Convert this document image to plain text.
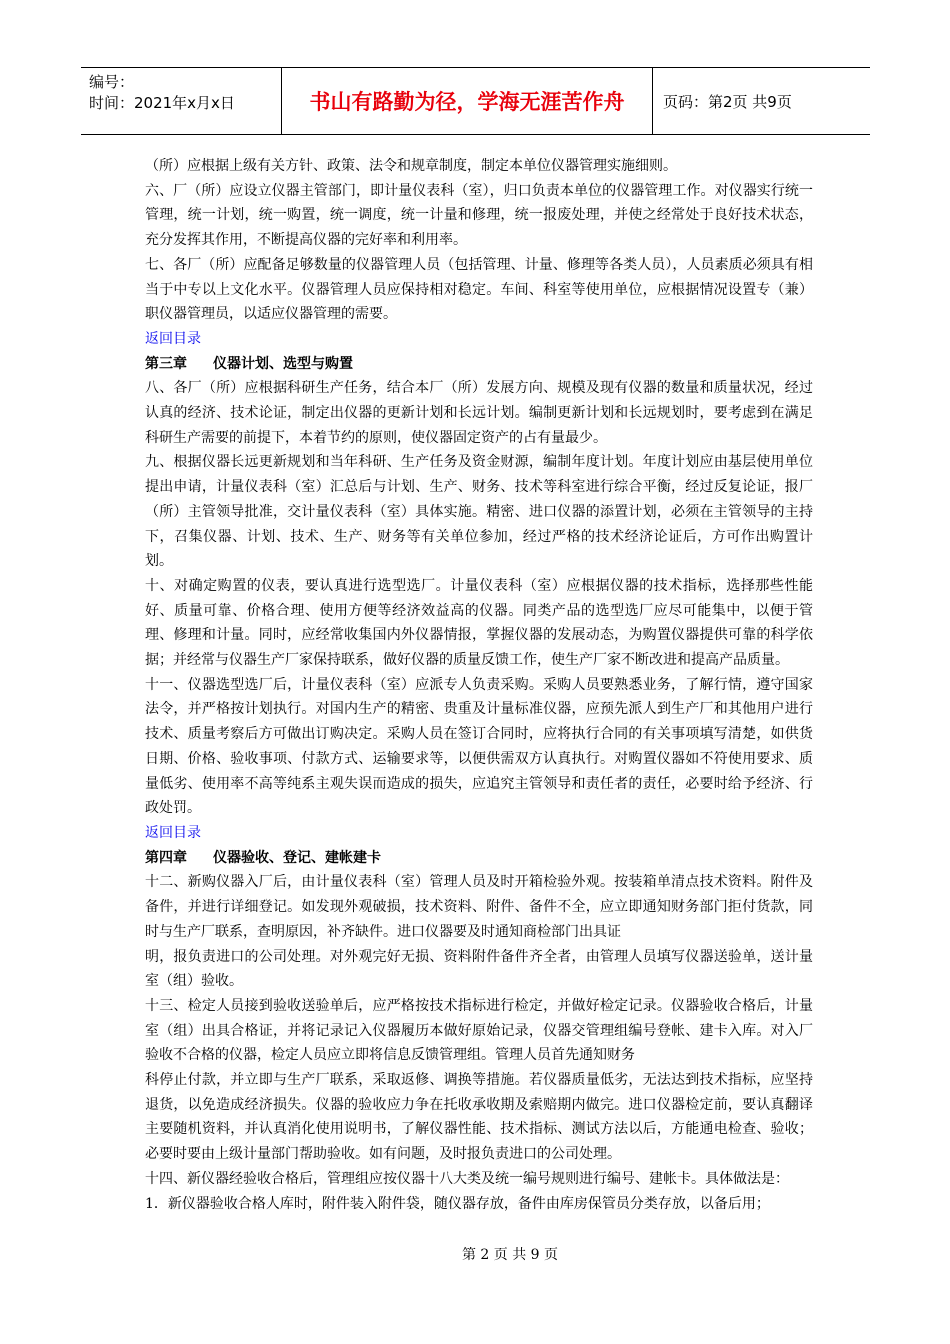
编号：
时间：2021年x月x日	书山有路勤为径，学海无涯苦作舟	页码：第2页 共9页

（所）应根据上级有关方针、政策、法令和规章制度，制定本单位仪器管理实施细则。

六、厂（所）应设立仪器主管部门，即计量仪表科（室），归口负责本单位的仪器管理工作。对仪器实行统一管理，统一计划，统一购置，统一调度，统一计量和修理，统一报废处理，并使之经常处于良好技术状态，充分发挥其作用，不断提高仪器的完好率和利用率。

七、各厂（所）应配备足够数量的仪器管理人员（包括管理、计量、修理等各类人员），人员素质必须具有相当于中专以上文化水平。仪器管理人员应保持相对稳定。车间、科室等使用单位，应根据情况设置专（兼）职仪器管理员，以适应仪器管理的需要。

返回目录

第三章 仪器计划、选型与购置

八、各厂（所）应根据科研生产任务，结合本厂（所）发展方向、规模及现有仪器的数量和质量状况，经过认真的经济、技术论证，制定出仪器的更新计划和长远计划。编制更新计划和长远规划时，要考虑到在满足科研生产需要的前提下，本着节约的原则，使仪器固定资产的占有量最少。

九、根据仪器长远更新规划和当年科研、生产任务及资金财源，编制年度计划。年度计划应由基层使用单位提出申请，计量仪表科（室）汇总后与计划、生产、财务、技术等科室进行综合平衡，经过反复论证，报厂（所）主管领导批准，交计量仪表科（室）具体实施。精密、进口仪器的添置计划，必须在主管领导的主持下，召集仪器、计划、技术、生产、财务等有关单位参加，经过严格的技术经济论证后，方可作出购置计划。

十、对确定购置的仪表，要认真进行选型选厂。计量仪表科（室）应根据仪器的技术指标，选择那些性能好、质量可靠、价格合理、使用方便等经济效益高的仪器。同类产品的选型选厂应尽可能集中，以便于管理、修理和计量。同时，应经常收集国内外仪器情报，掌握仪器的发展动态，为购置仪器提供可靠的科学依据；并经常与仪器生产厂家保持联系，做好仪器的质量反馈工作，使生产厂家不断改进和提高产品质量。

十一、仪器选型选厂后，计量仪表科（室）应派专人负责采购。采购人员要熟悉业务，了解行情，遵守国家法令，并严格按计划执行。对国内生产的精密、贵重及计量标准仪器，应预先派人到生产厂和其他用户进行技术、质量考察后方可做出订购决定。采购人员在签订合同时，应将执行合同的有关事项填写清楚，如供货日期、价格、验收事项、付款方式、运输要求等，以便供需双方认真执行。对购置仪器如不符使用要求、质量低劣、使用率不高等纯系主观失误而造成的损失，应追究主管领导和责任者的责任，必要时给予经济、行政处罚。

返回目录

第四章 仪器验收、登记、建帐建卡

十二、新购仪器入厂后，由计量仪表科（室）管理人员及时开箱检验外观。按装箱单清点技术资料。附件及备件，并进行详细登记。如发现外观破损，技术资料、附件、备件不全，应立即通知财务部门拒付货款，同时与生产厂联系，查明原因，补齐缺件。进口仪器要及时通知商检部门出具证

明，报负责进口的公司处理。对外观完好无损、资料附件备件齐全者，由管理人员填写仪器送验单，送计量室（组）验收。

十三、检定人员接到验收送验单后，应严格按技术指标进行检定，并做好检定记录。仪器验收合格后，计量室（组）出具合格证，并将记录记入仪器履历本做好原始记录，仪器交管理组编号登帐、建卡入库。对入厂验收不合格的仪器，检定人员应立即将信息反馈管理组。管理人员首先通知财务

科停止付款，并立即与生产厂联系，采取返修、调换等措施。若仪器质量低劣，无法达到技术指标，应坚持退货，以免造成经济损失。仪器的验收应力争在托收承收期及索赔期内做完。进口仪器检定前，要认真翻译主要随机资料，并认真消化使用说明书，了解仪器性能、技术指标、测试方法以后，方能通电检查、验收；必要时要由上级计量部门帮助验收。如有问题，及时报负责进口的公司处理。

十四、新仪器经验收合格后，管理组应按仪器十八大类及统一编号规则进行编号、建帐卡。具体做法是：

1．新仪器验收合格人库时，附件装入附件袋，随仪器存放，备件由库房保管员分类存放，以备后用；

第 2 页 共 9 页
